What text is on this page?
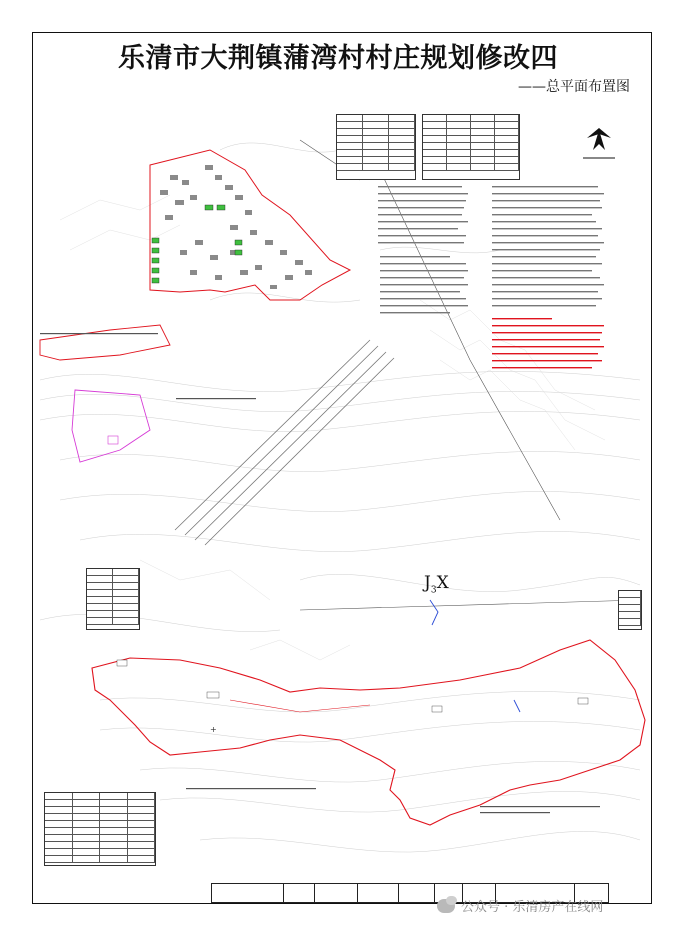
乐清市大荆镇蒲湾村村庄规划修改四
——总平面布置图
+
$J_3X$
公众号 · 乐清房产在线网
